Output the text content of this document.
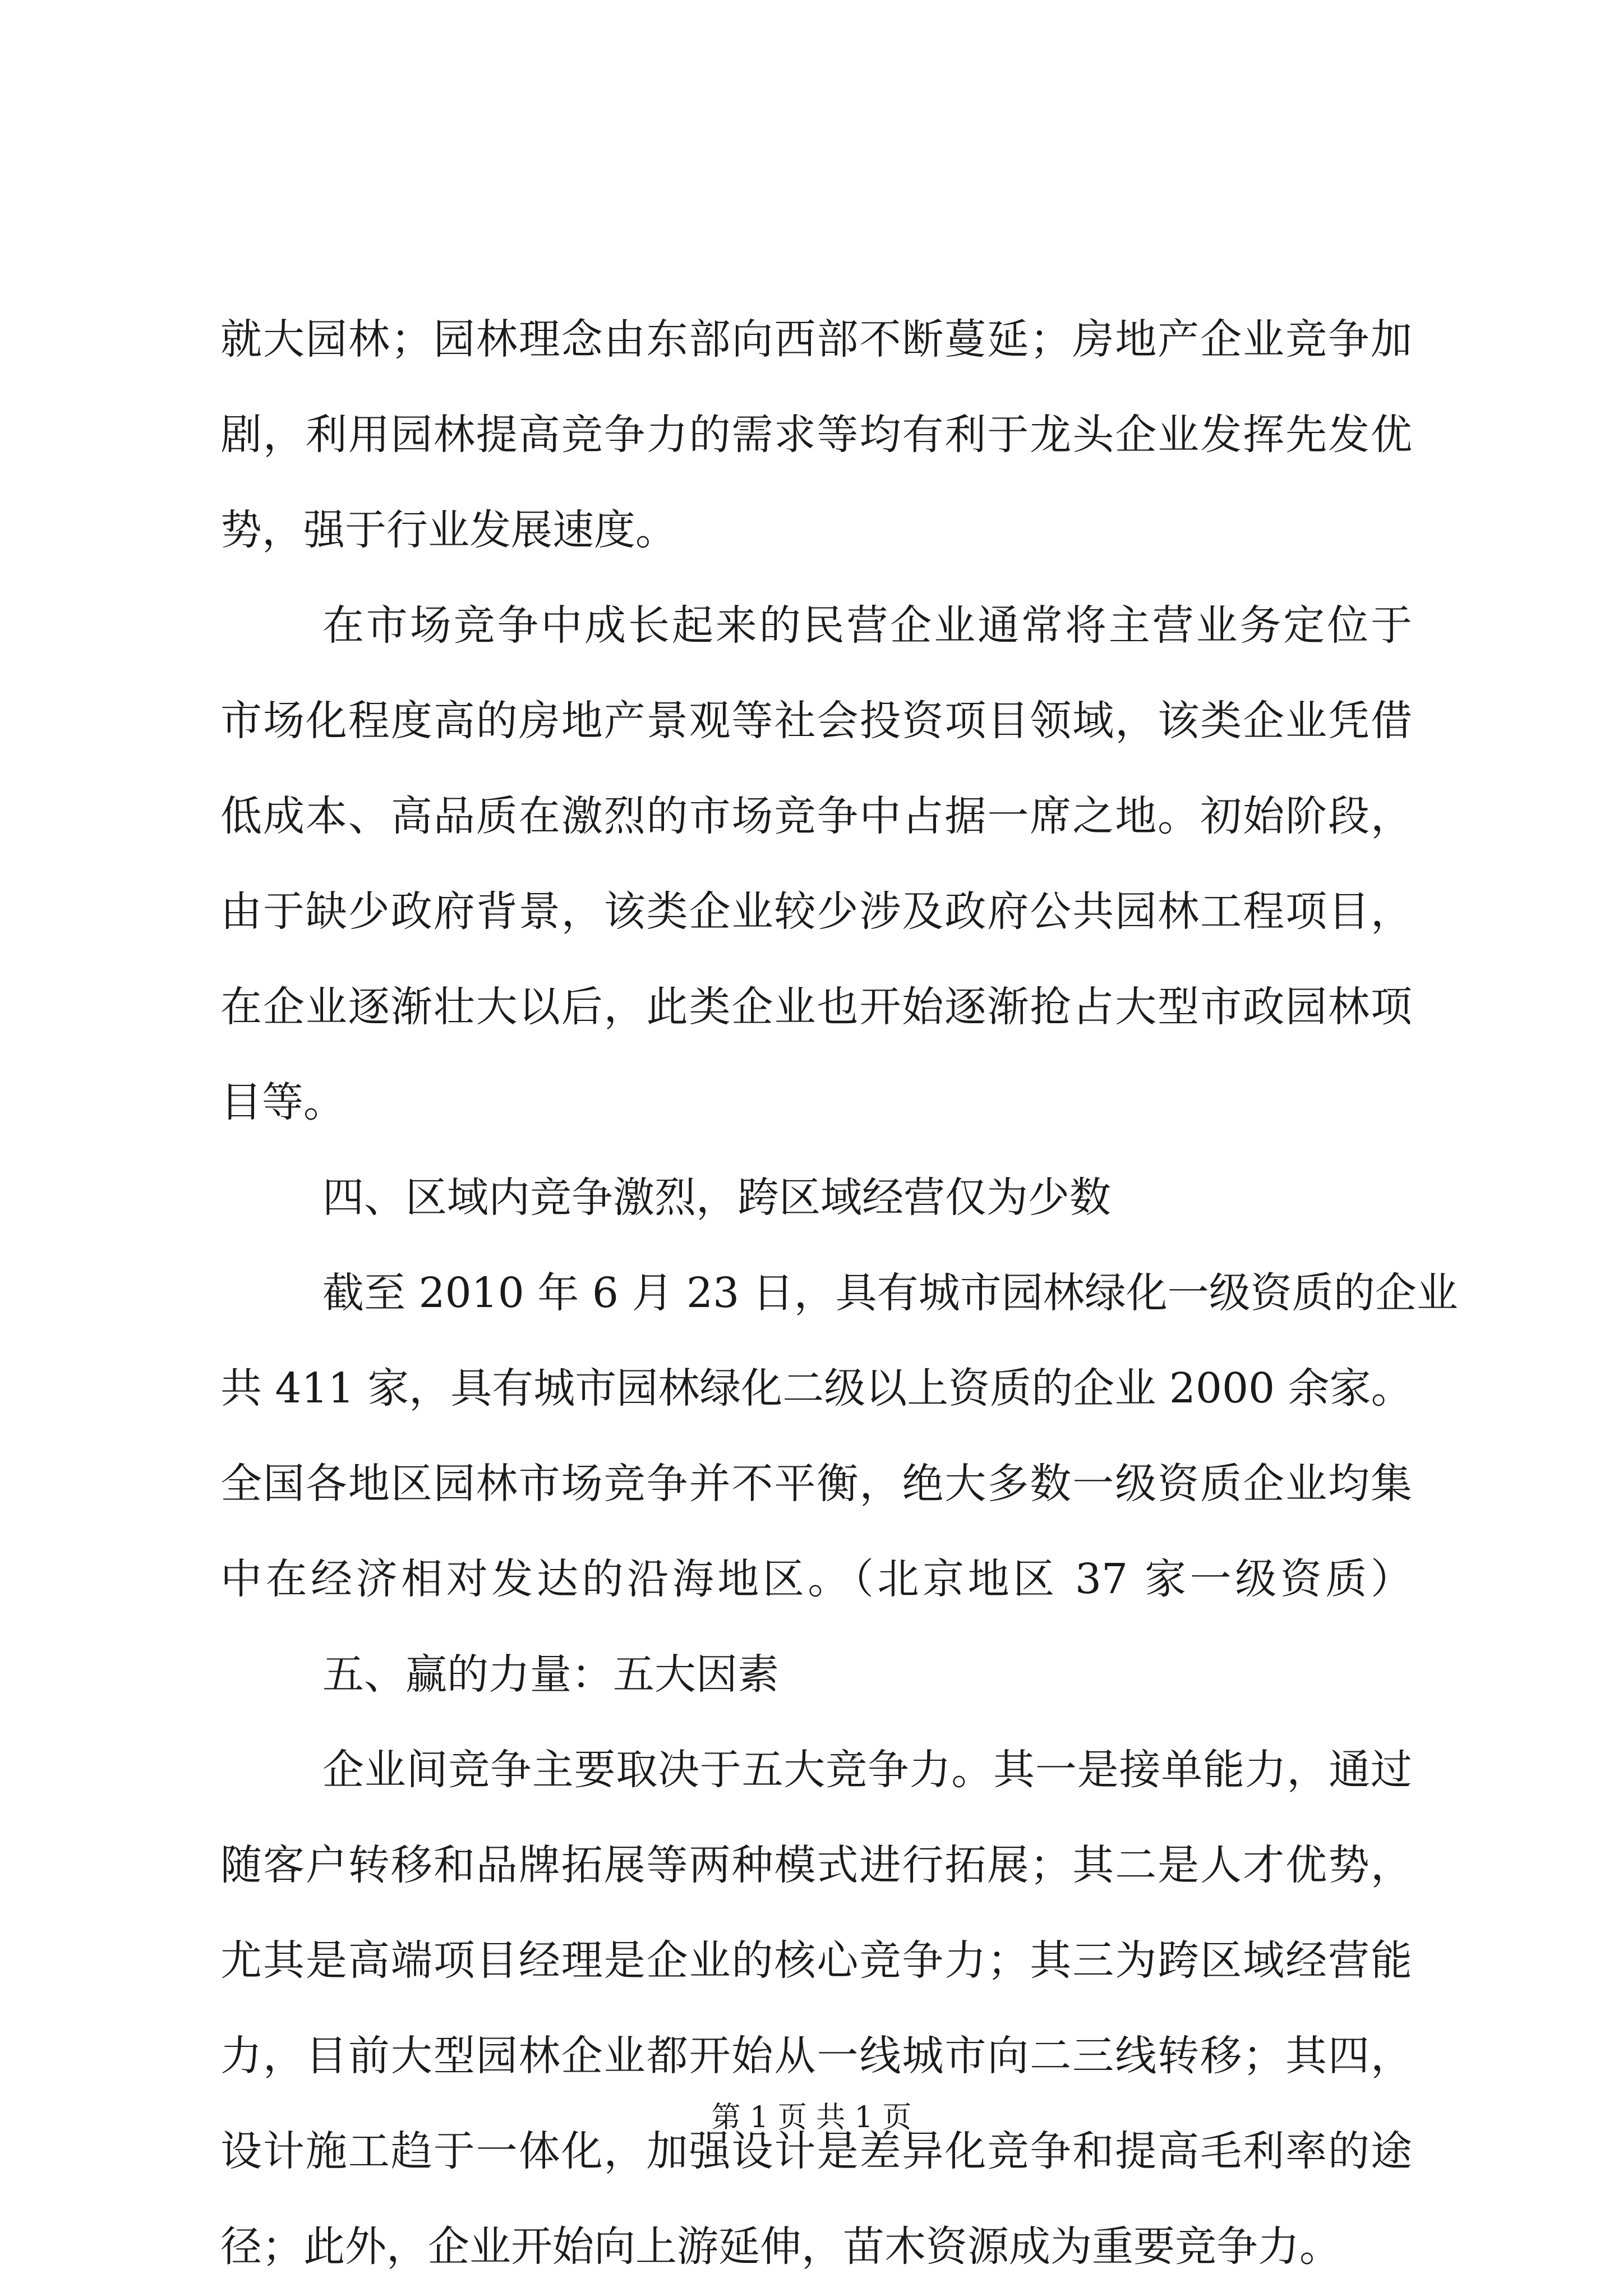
就大园林；园林理念由东部向西部不断蔓延；房地产企业竞争加
剧，利用园林提高竞争力的需求等均有利于龙头企业发挥先发优
势，强于行业发展速度。
在市场竞争中成长起来的民营企业通常将主营业务定位于
市场化程度高的房地产景观等社会投资项目领域，该类企业凭借
低成本、高品质在激烈的市场竞争中占据一席之地。初始阶段，
由于缺少政府背景，该类企业较少涉及政府公共园林工程项目，
在企业逐渐壮大以后，此类企业也开始逐渐抢占大型市政园林项
目等。
四、区域内竞争激烈，跨区域经营仅为少数
截至 2010 年 6 月 23 日，具有城市园林绿化一级资质的企业
共 411 家，具有城市园林绿化二级以上资质的企业 2000 余家。
全国各地区园林市场竞争并不平衡，绝大多数一级资质企业均集
中在经济相对发达的沿海地区。（北京地区 37 家一级资质）
五、赢的力量：五大因素
企业间竞争主要取决于五大竞争力。其一是接单能力，通过
随客户转移和品牌拓展等两种模式进行拓展；其二是人才优势，
尤其是高端项目经理是企业的核心竞争力；其三为跨区域经营能
力，目前大型园林企业都开始从一线城市向二三线转移；其四，
设计施工趋于一体化，加强设计是差异化竞争和提高毛利率的途
径；此外，企业开始向上游延伸，苗木资源成为重要竞争力。
第 1 页 共 1 页
